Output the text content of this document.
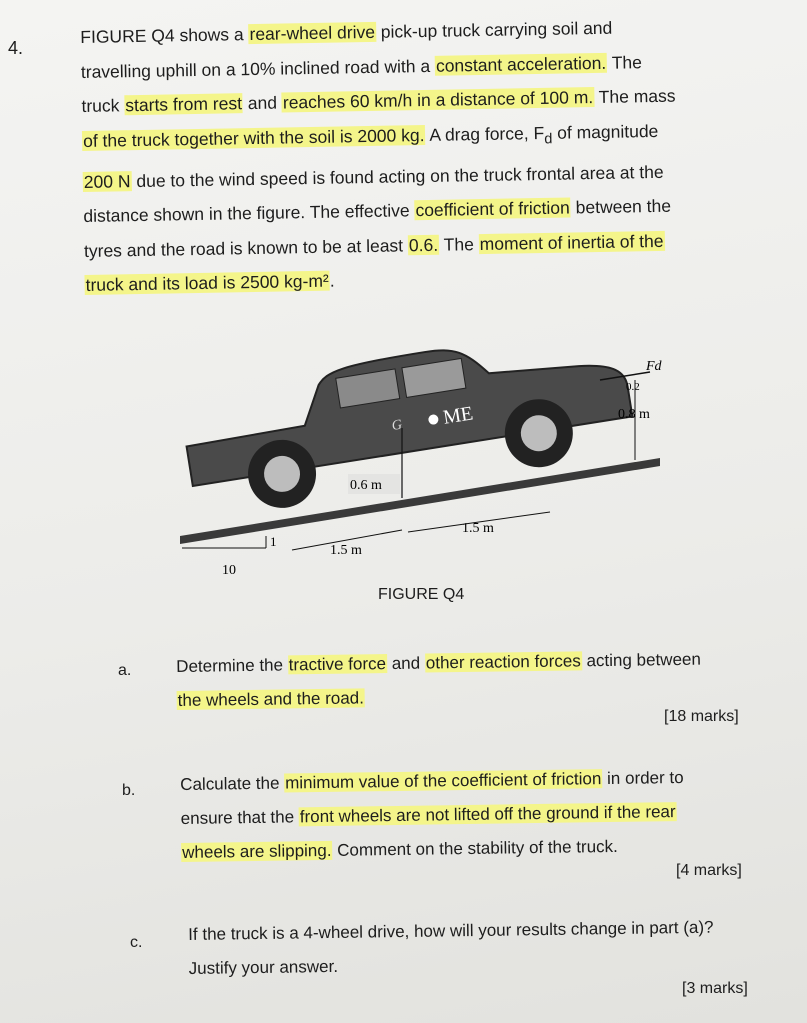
4.
FIGURE Q4 shows a rear-wheel drive pick-up truck carrying soil and
travelling uphill on a 10% inclined road with a constant acceleration. The
truck starts from rest and reaches 60 km/h in a distance of 100 m. The mass
of the truck together with the soil is 2000 kg. A drag force, $F_d$ of magnitude
200 N due to the wind speed is found acting on the truck frontal area at the
distance shown in the figure. The effective coefficient of friction between the
tyres and the road is known to be at least 0.6. The moment of inertia of the
truck and its load is 2500 kg-m².
ME
G
0.6 m
Fd
0.2
0.8 m
1.5 m
1.5 m
1
10
FIGURE Q4
a.	Determine the tractive force and other reaction forces acting between
the wheels and the road.
[18 marks]
b.	Calculate the minimum value of the coefficient of friction in order to
ensure that the front wheels are not lifted off the ground if the rear
wheels are slipping. Comment on the stability of the truck.
[4 marks]
c.	If the truck is a 4-wheel drive, how will your results change in part (a)?
Justify your answer.
[3 marks]
